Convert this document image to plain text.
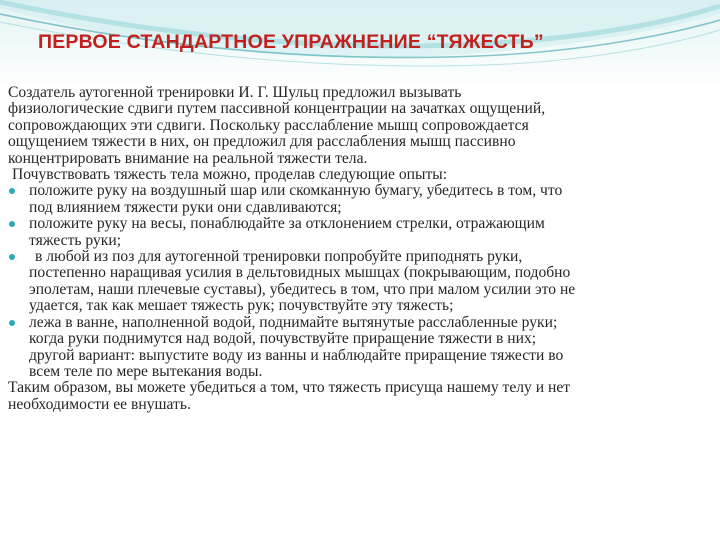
ПЕРВОЕ СТАНДАРТНОЕ УПРАЖНЕНИЕ “ТЯЖЕСТЬ”
Создатель аутогенной тренировки И. Г. Шульц предложил вызывать
физиологические сдвиги путем пассивной концентрации на зачатках ощущений,
сопровождающих эти сдвиги. Поскольку расслабление мышц сопровождается
ощущением тяжести в них, он предложил для расслабления мышц пассивно
концентрировать внимание на реальной тяжести тела.
Почувствовать тяжесть тела можно, проделав следующие опыты:
положите руку на воздушный шар или скомканную бумагу, убедитесь в том, что
под влиянием тяжести руки они сдавливаются;
положите руку на весы, понаблюдайте за отклонением стрелки, отражающим
тяжесть руки;
в любой из поз для аутогенной тренировки попробуйте приподнять руки,
постепенно наращивая усилия в дельтовидных мышцах (покрывающим, подобно
эполетам, наши плечевые суставы), убедитесь в том, что при малом усилии это не
удается, так как мешает тяжесть рук; почувствуйте эту тяжесть;
лежа в ванне, наполненной водой, поднимайте вытянутые расслабленные руки;
когда руки поднимутся над водой, почувствуйте приращение тяжести в них;
другой вариант: выпустите воду из ванны и наблюдайте приращение тяжести во
всем теле по мере вытекания воды.
Таким образом, вы можете убедиться а том, что тяжесть присуща нашему телу и нет
необходимости ее внушать.
